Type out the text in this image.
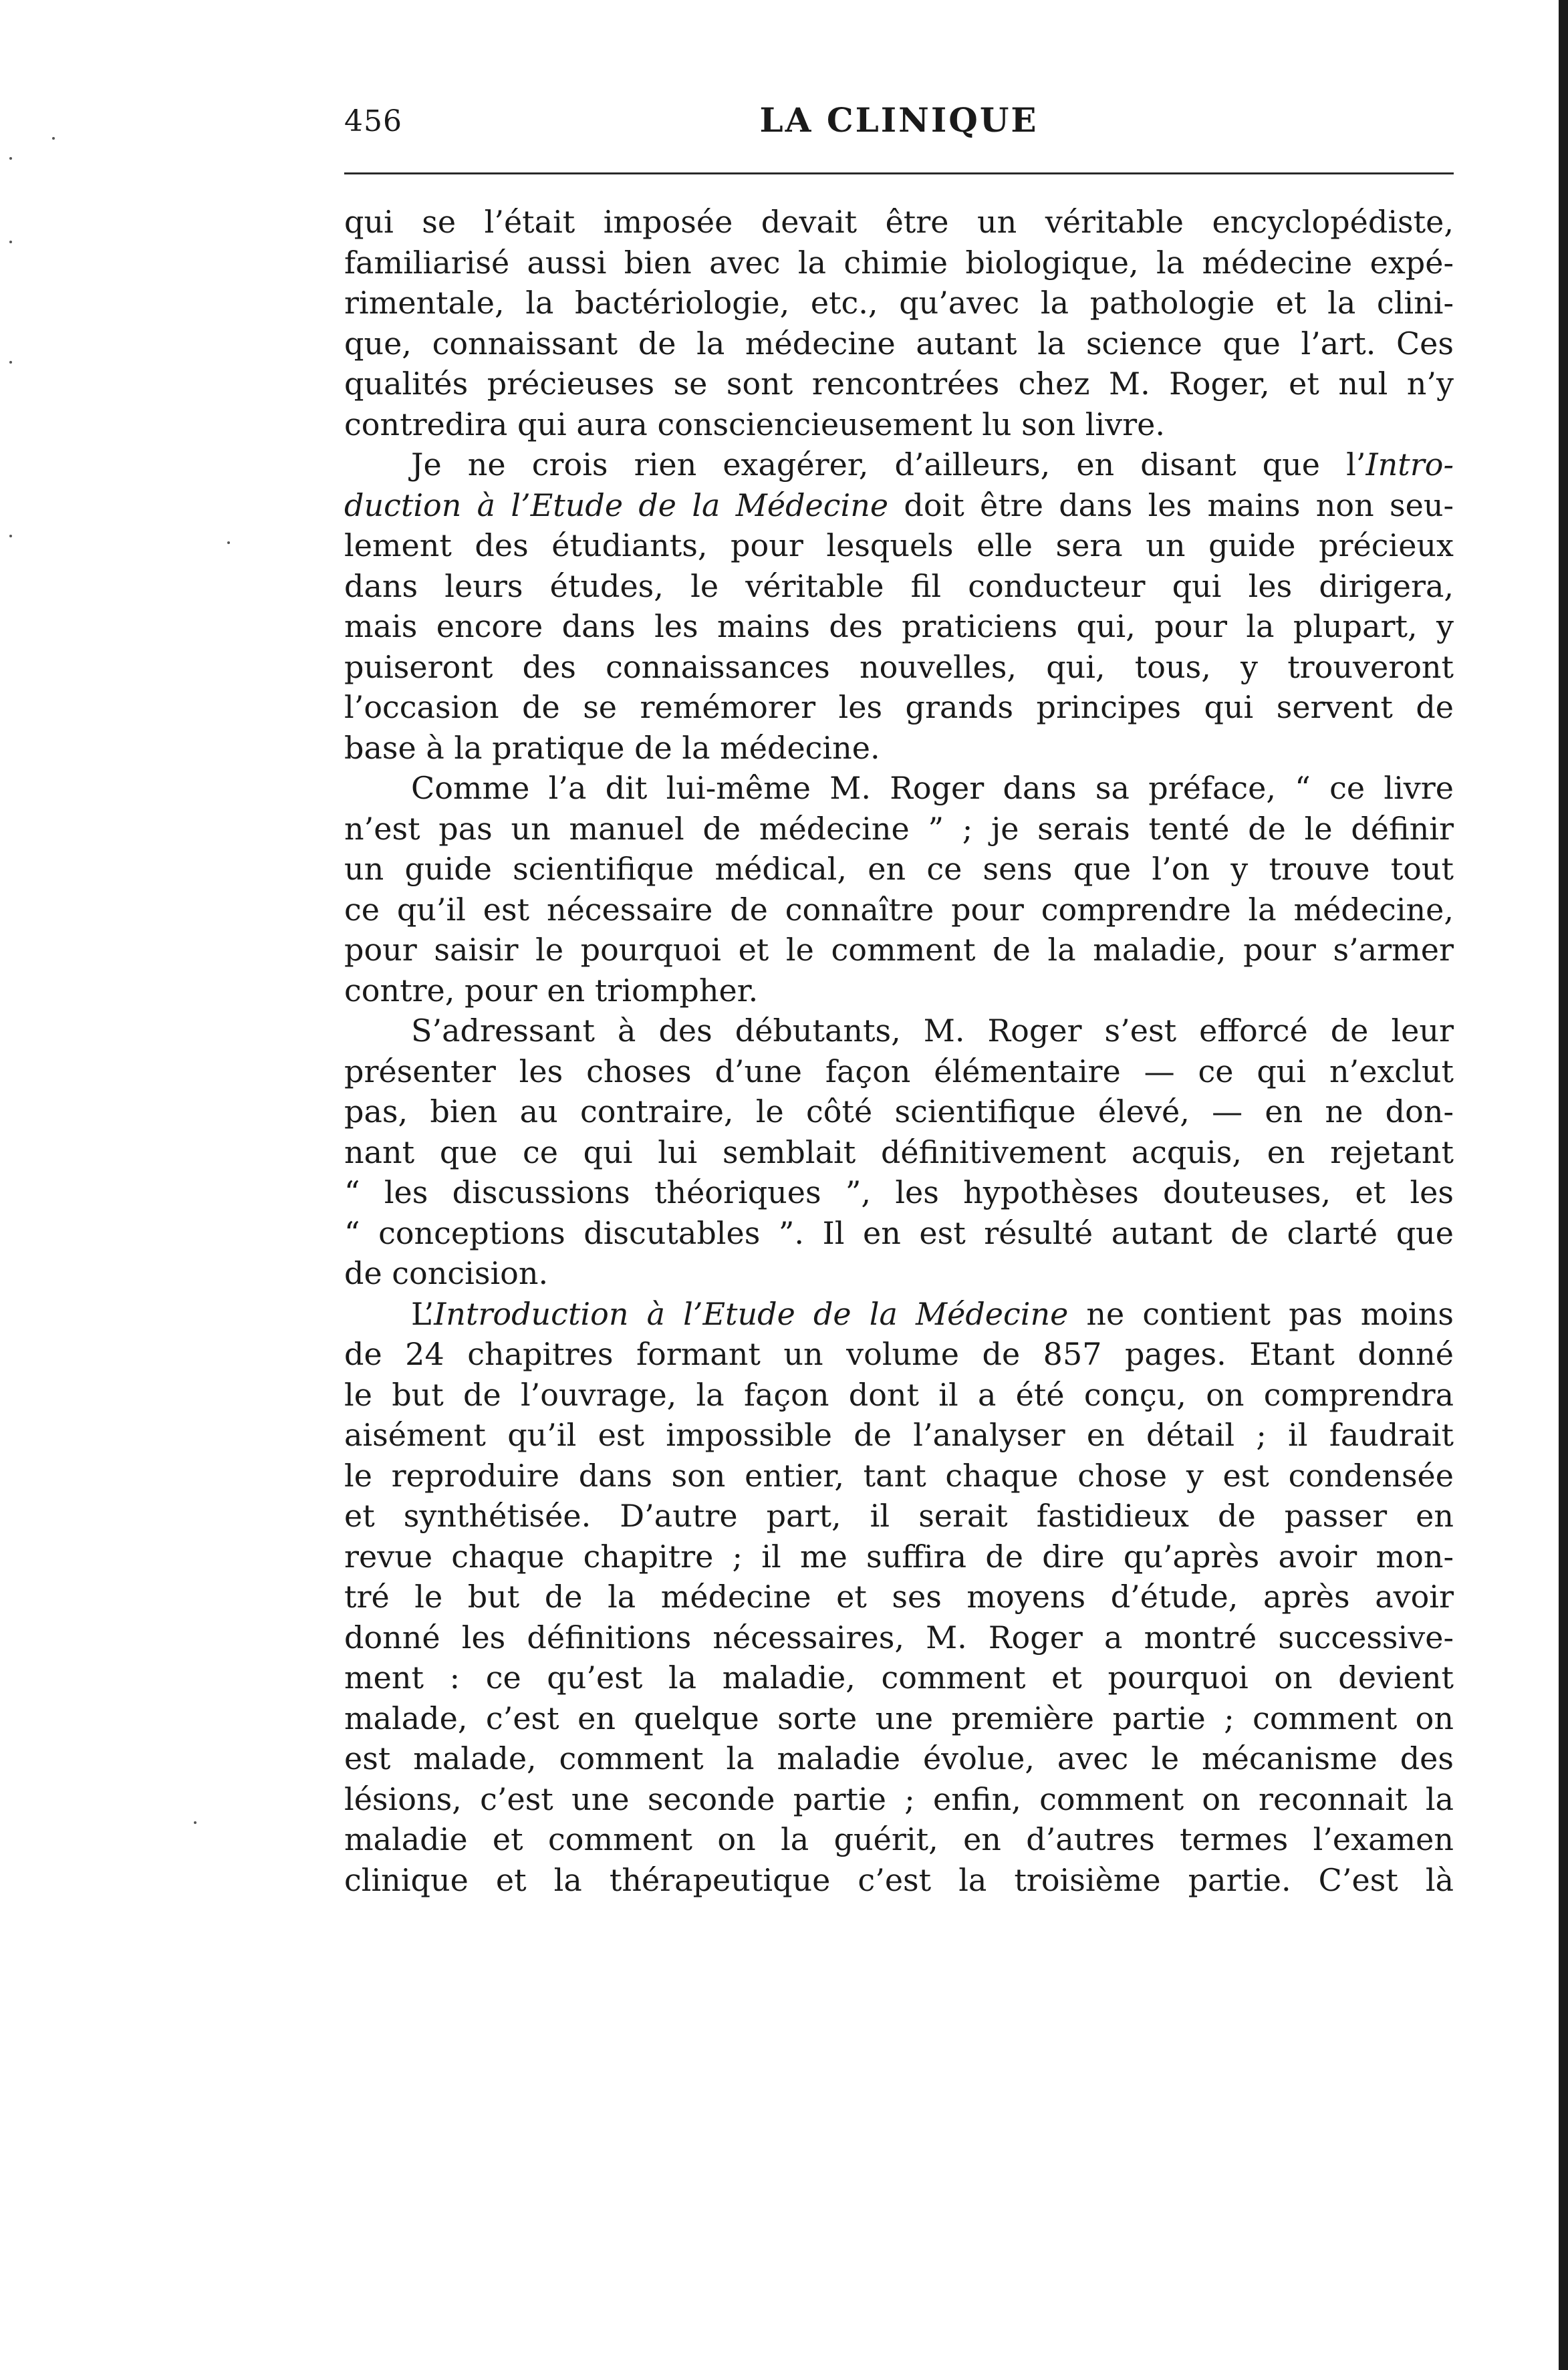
456	LA CLINIQUE
qui se l’était imposée devait être un véritable encyclopédiste,
familiarisé aussi bien avec la chimie biologique, la médecine expé-
rimentale, la bactériologie, etc., qu’avec la pathologie et la clini-
que, connaissant de la médecine autant la science que l’art. Ces
qualités précieuses se sont rencontrées chez M. Roger, et nul n’y
contredira qui aura consciencieusement lu son livre.
Je ne crois rien exagérer, d’ailleurs, en disant que l’Intro-
duction à l’Etude de la Médecine doit être dans les mains non seu-
lement des étudiants, pour lesquels elle sera un guide précieux
dans leurs études, le véritable fil conducteur qui les dirigera,
mais encore dans les mains des praticiens qui, pour la plupart, y
puiseront des connaissances nouvelles, qui, tous, y trouveront
l’occasion de se remémorer les grands principes qui servent de
base à la pratique de la médecine.
Comme l’a dit lui-même M. Roger dans sa préface, “ ce livre
n’est pas un manuel de médecine ” ; je serais tenté de le définir
un guide scientifique médical, en ce sens que l’on y trouve tout
ce qu’il est nécessaire de connaître pour comprendre la médecine,
pour saisir le pourquoi et le comment de la maladie, pour s’armer
contre, pour en triompher.
S’adressant à des débutants, M. Roger s’est efforcé de leur
présenter les choses d’une façon élémentaire — ce qui n’exclut
pas, bien au contraire, le côté scientifique élevé, — en ne don-
nant que ce qui lui semblait définitivement acquis, en rejetant
“ les discussions théoriques ”, les hypothèses douteuses, et les
“ conceptions discutables ”. Il en est résulté autant de clarté que
de concision.
L’Introduction à l’Etude de la Médecine ne contient pas moins
de 24 chapitres formant un volume de 857 pages. Etant donné
le but de l’ouvrage, la façon dont il a été conçu, on comprendra
aisément qu’il est impossible de l’analyser en détail ; il faudrait
le reproduire dans son entier, tant chaque chose y est condensée
et synthétisée. D’autre part, il serait fastidieux de passer en
revue chaque chapitre ; il me suffira de dire qu’après avoir mon-
tré le but de la médecine et ses moyens d’étude, après avoir
donné les définitions nécessaires, M. Roger a montré successive-
ment : ce qu’est la maladie, comment et pourquoi on devient
malade, c’est en quelque sorte une première partie ; comment on
est malade, comment la maladie évolue, avec le mécanisme des
lésions, c’est une seconde partie ; enfin, comment on reconnait la
maladie et comment on la guérit, en d’autres termes l’examen
clinique et la thérapeutique c’est la troisième partie. C’est là
